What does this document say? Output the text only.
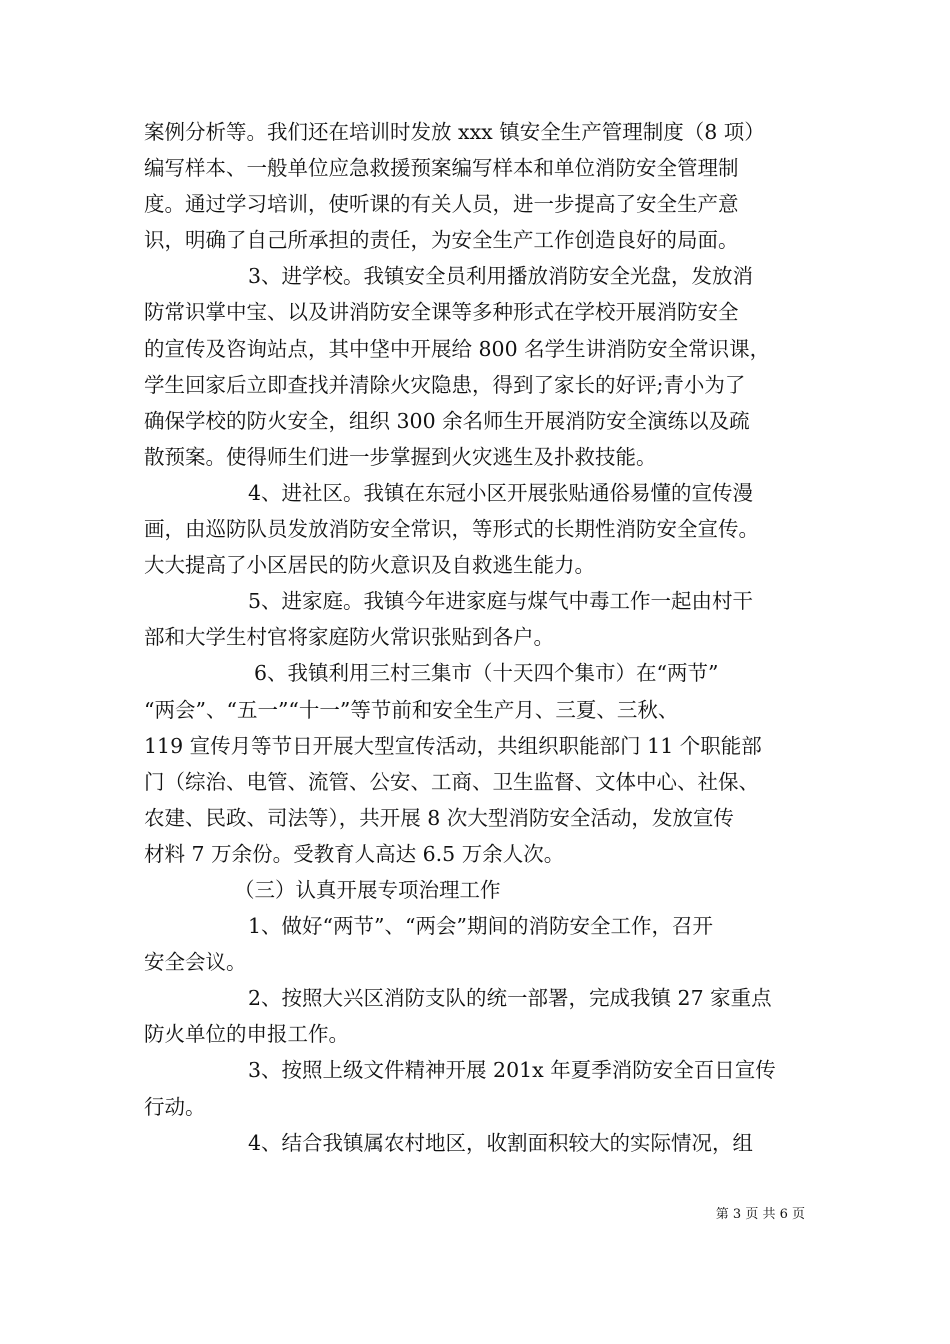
案例分析等。我们还在培训时发放 xxx 镇安全生产管理制度（8 项）
编写样本、一般单位应急救援预案编写样本和单位消防安全管理制
度。通过学习培训，使听课的有关人员，进一步提高了安全生产意
识，明确了自己所承担的责任，为安全生产工作创造良好的局面。
3、进学校。我镇安全员利用播放消防安全光盘，发放消
防常识掌中宝、以及讲消防安全课等多种形式在学校开展消防安全
的宣传及咨询站点，其中垡中开展给 800 名学生讲消防安全常识课，
学生回家后立即查找并清除火灾隐患，得到了家长的好评;青小为了
确保学校的防火安全，组织 300 余名师生开展消防安全演练以及疏
散预案。使得师生们进一步掌握到火灾逃生及扑救技能。
4、进社区。我镇在东冠小区开展张贴通俗易懂的宣传漫
画，由巡防队员发放消防安全常识，等形式的长期性消防安全宣传。
大大提高了小区居民的防火意识及自救逃生能力。
5、进家庭。我镇今年进家庭与煤气中毒工作一起由村干
部和大学生村官将家庭防火常识张贴到各户。
6、我镇利用三村三集市（十天四个集市）在“两节”
“两会”、“五一”“十一”等节前和安全生产月、三夏、三秋、
119 宣传月等节日开展大型宣传活动，共组织职能部门 11 个职能部
门（综治、电管、流管、公安、工商、卫生监督、文体中心、社保、
农建、民政、司法等），共开展 8 次大型消防安全活动，发放宣传
材料 7 万余份。受教育人高达 6.5 万余人次。
（三）认真开展专项治理工作
1、做好“两节”、“两会”期间的消防安全工作，召开
安全会议。
2、按照大兴区消防支队的统一部署，完成我镇 27 家重点
防火单位的申报工作。
3、按照上级文件精神开展 201x 年夏季消防安全百日宣传
行动。
4、结合我镇属农村地区，收割面积较大的实际情况，组
第 3 页 共 6 页
